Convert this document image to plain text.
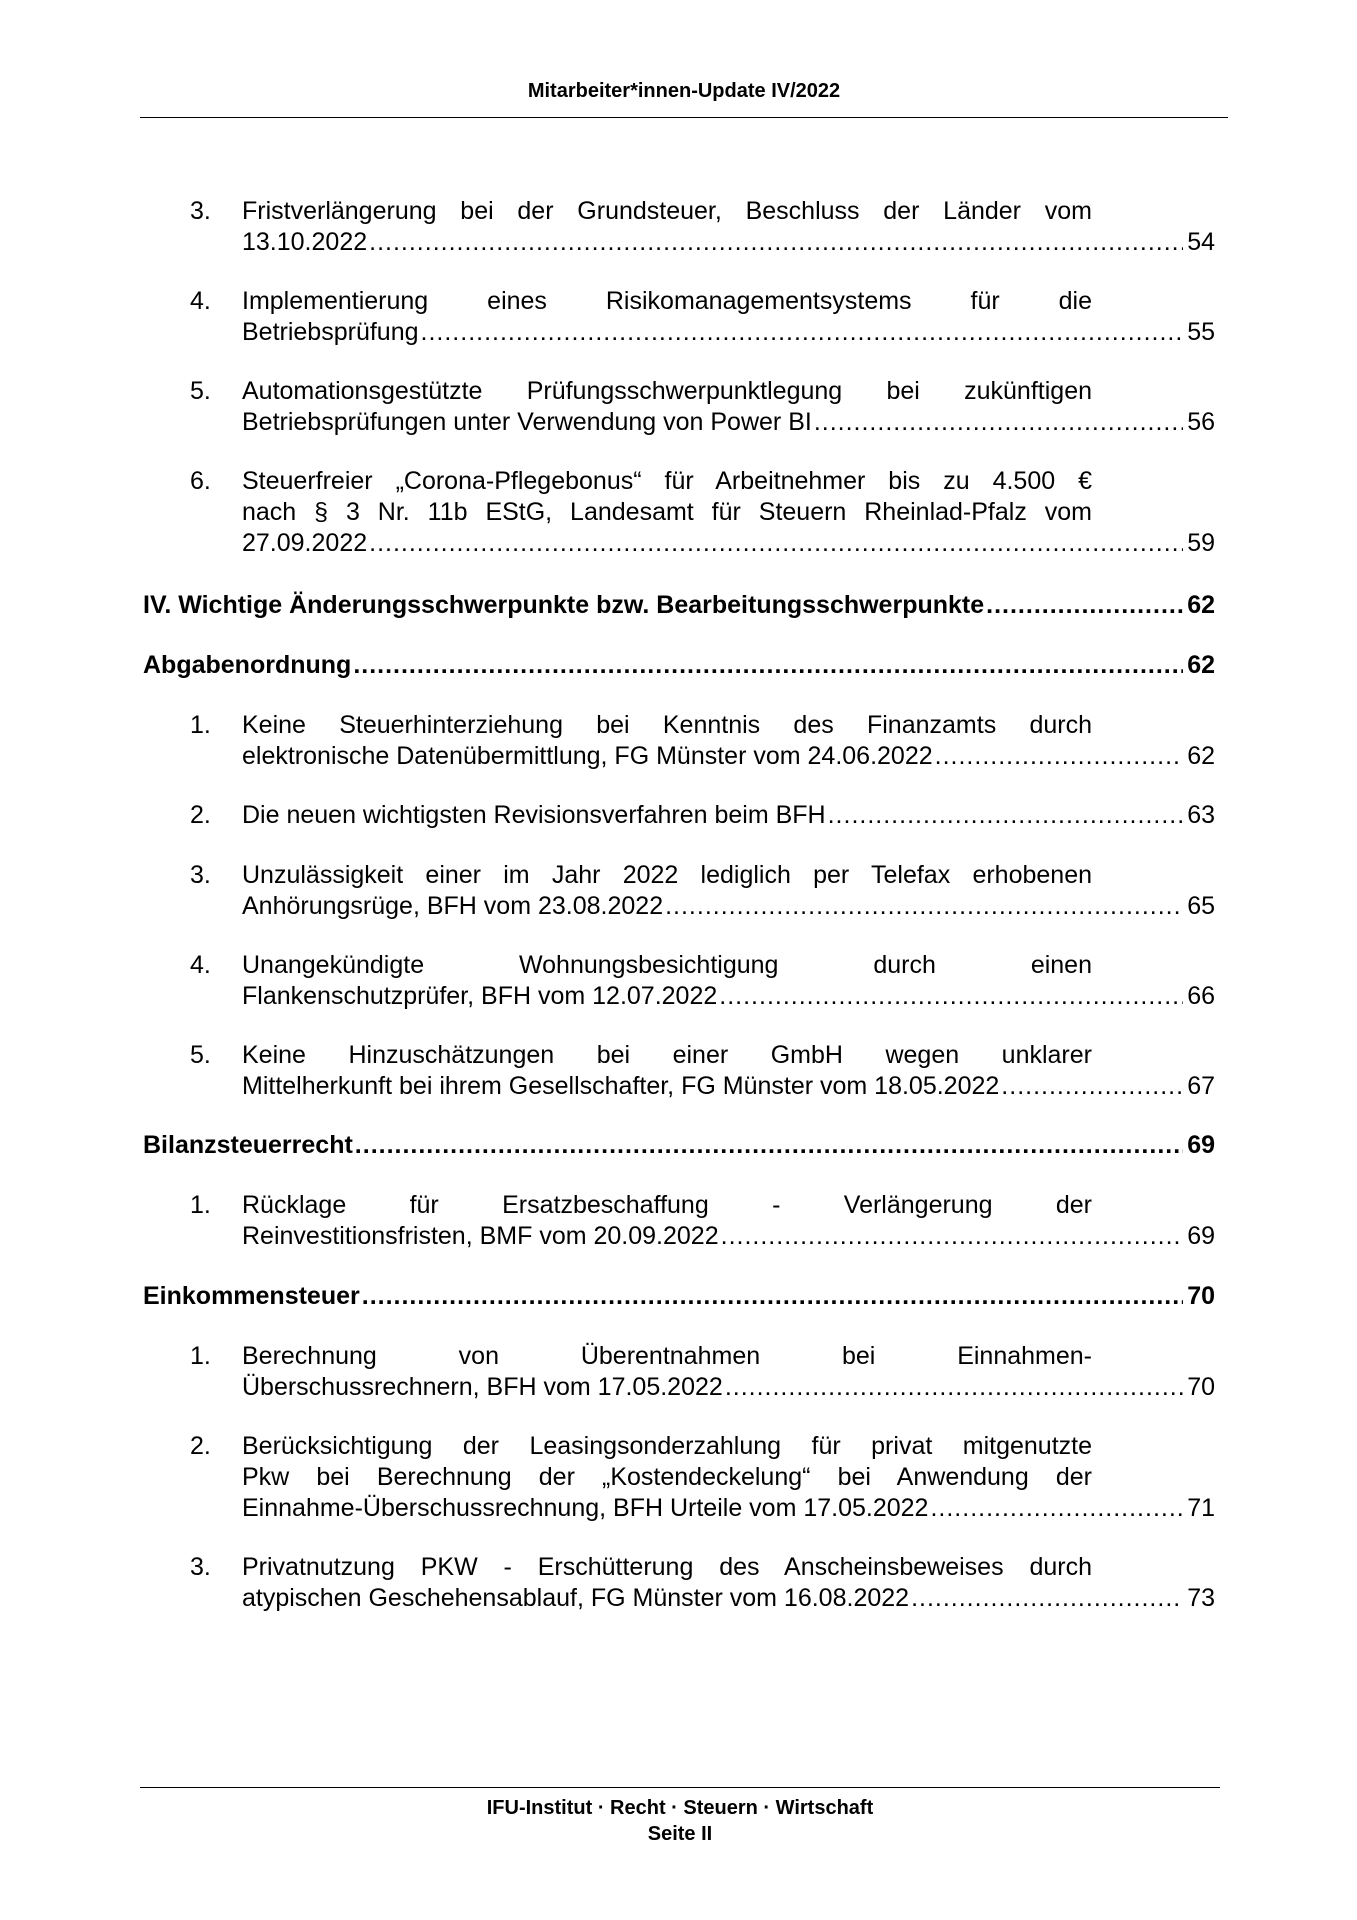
Mitarbeiter*innen-Update IV/2022
3.	Fristverlängerung bei der Grundsteuer, Beschluss der Länder vom
13.10.2022 .....	54
4.	Implementierung eines Risikomanagementsystems für die
Betriebsprüfung .....	55
5.	Automationsgestützte Prüfungsschwerpunktlegung bei zukünftigen
Betriebsprüfungen unter Verwendung von Power BI .....	56
6.	Steuerfreier „Corona-Pflegebonus“ für Arbeitnehmer bis zu 4.500 €
nach § 3 Nr. 11b EStG, Landesamt für Steuern Rheinlad-Pfalz vom
27.09.2022 .....	59
IV. Wichtige Änderungsschwerpunkte bzw. Bearbeitungsschwerpunkte .....	62
Abgabenordnung .....	62
1.	Keine Steuerhinterziehung bei Kenntnis des Finanzamts durch
elektronische Datenübermittlung, FG Münster vom 24.06.2022 .....	62
2.	Die neuen wichtigsten Revisionsverfahren beim BFH .....	63
3.	Unzulässigkeit einer im Jahr 2022 lediglich per Telefax erhobenen
Anhörungsrüge, BFH vom 23.08.2022 .....	65
4.	Unangekündigte Wohnungsbesichtigung durch einen
Flankenschutzprüfer, BFH vom 12.07.2022 .....	66
5.	Keine Hinzuschätzungen bei einer GmbH wegen unklarer
Mittelherkunft bei ihrem Gesellschafter, FG Münster vom 18.05.2022 .....	67
Bilanzsteuerrecht .....	69
1.	Rücklage für Ersatzbeschaffung - Verlängerung der
Reinvestitionsfristen, BMF vom 20.09.2022 .....	69
Einkommensteuer .....	70
1.	Berechnung von Überentnahmen bei Einnahmen-
Überschussrechnern, BFH vom 17.05.2022 .....	70
2.	Berücksichtigung der Leasingsonderzahlung für privat mitgenutzte
Pkw bei Berechnung der „Kostendeckelung“ bei Anwendung der
Einnahme-Überschussrechnung, BFH Urteile vom 17.05.2022 .....	71
3.	Privatnutzung PKW - Erschütterung des Anscheinsbeweises durch
atypischen Geschehensablauf, FG Münster vom 16.08.2022 .....	73
IFU-Institut · Recht · Steuern · Wirtschaft
Seite II
